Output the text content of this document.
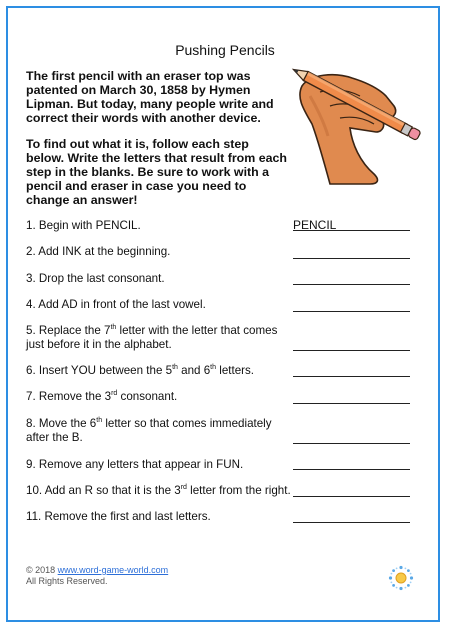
Pushing Pencils

The first pencil with an eraser top was patented on March 30, 1858 by Hymen Lipman. But today, many people write and correct their words with another device.

To find out what it is, follow each step below. Write the letters that result from each step in the blanks. Be sure to work with a pencil and eraser in case you need to change an answer!

1. Begin with PENCIL.	PENCIL
2. Add INK at the beginning.
3. Drop the last consonant.
4. Add AD in front of the last vowel.
5. Replace the 7th letter with the letter that comes just before it in the alphabet.
6. Insert YOU between the 5th and 6th letters.
7. Remove the 3rd consonant.
8. Move the 6th letter so that comes immediately after the B.
9. Remove any letters that appear in FUN.
10. Add an R so that it is the 3rd letter from the right.
11. Remove the first and last letters.
© 2018 www.word-game-world.com
All Rights Reserved.
